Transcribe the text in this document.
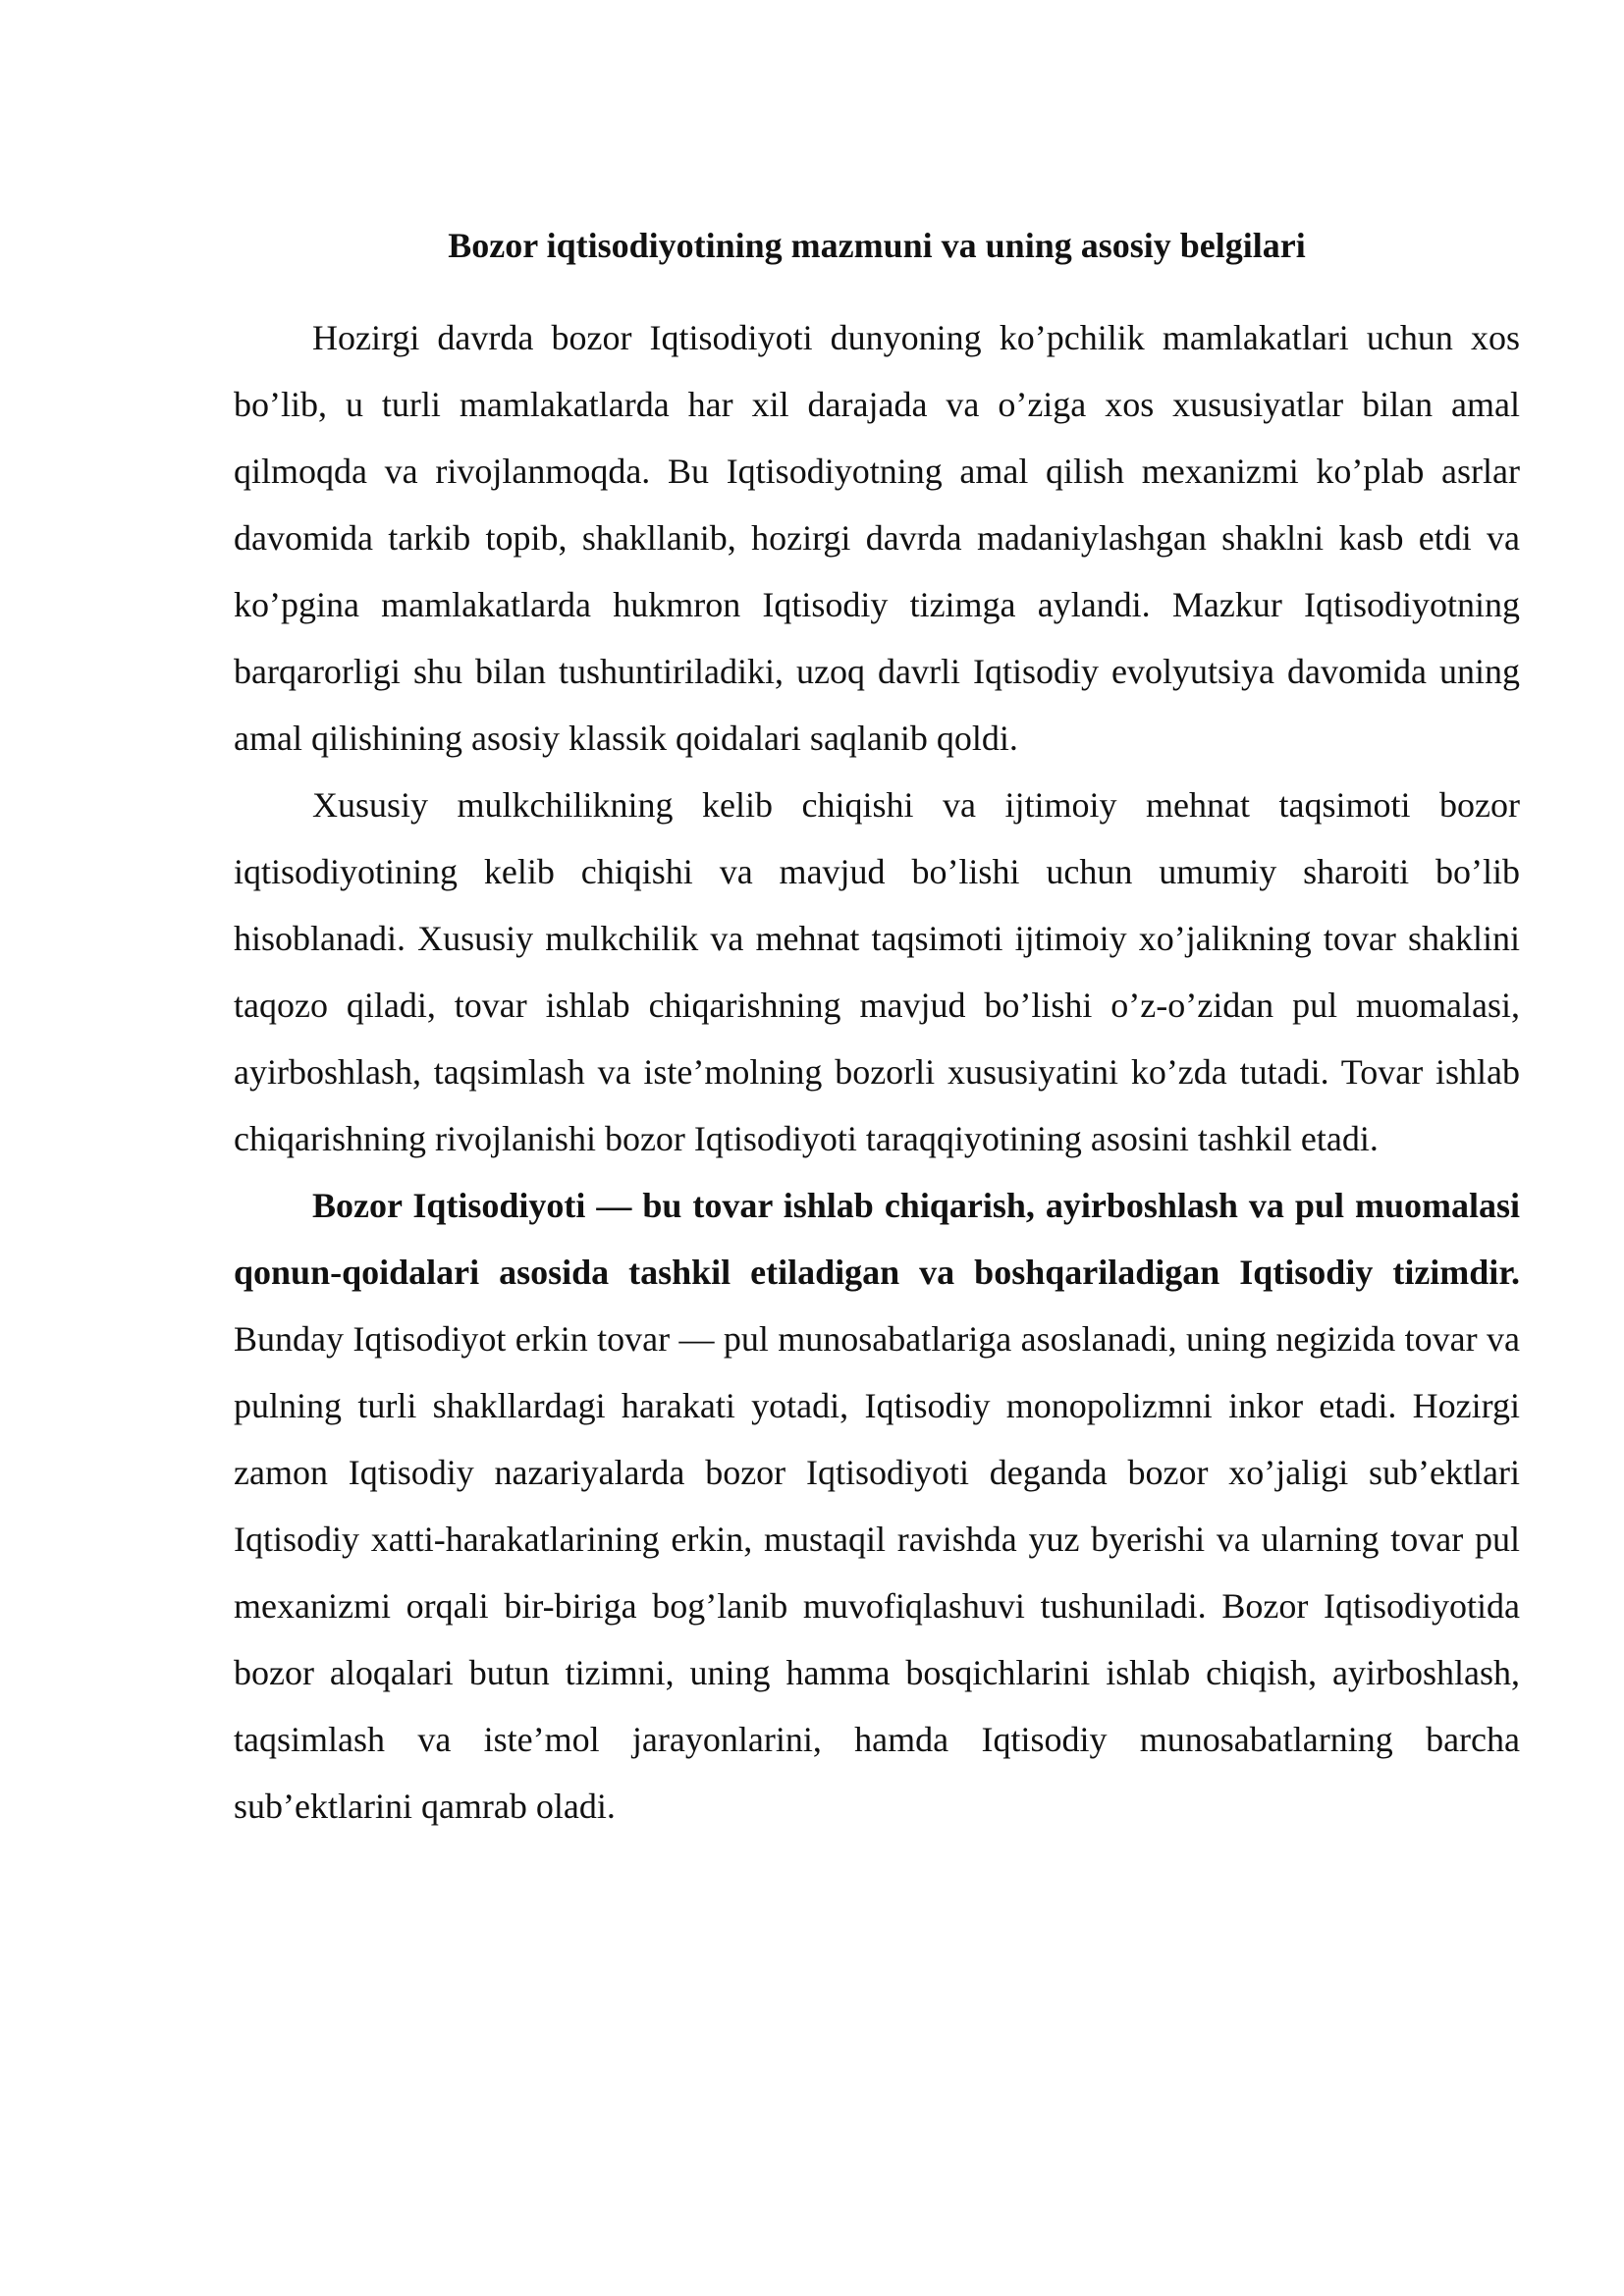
Bozor iqtisodiyotining mazmuni va uning asosiy belgilari

Hozirgi davrda bozor Iqtisodiyoti dunyoning ko’pchilik mamlakatlari uchun xos bo’lib, u turli mamlakatlarda har xil darajada va o’ziga xos xususiyatlar bilan amal qilmoqda va rivojlanmoqda. Bu Iqtisodiyotning amal qilish mexanizmi ko’plab asrlar davomida tarkib topib, shakllanib, hozirgi davrda madaniylashgan shaklni kasb etdi va ko’pgina mamlakatlarda hukmron Iqtisodiy tizimga aylandi. Mazkur Iqtisodiyotning barqarorligi shu bilan tushuntiriladiki, uzoq davrli Iqtisodiy evolyutsiya davomida uning amal qilishining asosiy klassik qoidalari saqlanib qoldi.

Xususiy mulkchilikning kelib chiqishi va ijtimoiy mehnat taqsimoti bozor iqtisodiyotining kelib chiqishi va mavjud bo’lishi uchun umumiy sharoiti bo’lib hisoblanadi. Xususiy mulkchilik va mehnat taqsimoti ijtimoiy xo’jalikning tovar shaklini taqozo qiladi, tovar ishlab chiqarishning mavjud bo’lishi o’z-o’zidan pul muomalasi, ayirboshlash, taqsimlash va iste’molning bozorli xususiyatini ko’zda tutadi. Tovar ishlab chiqarishning rivojlanishi bozor Iqtisodiyoti taraqqiyotining asosini tashkil etadi.

Bozor Iqtisodiyoti — bu tovar ishlab chiqarish, ayirboshlash va pul muomalasi qonun-qoidalari asosida tashkil etiladigan va boshqariladigan Iqtisodiy tizimdir. Bunday Iqtisodiyot erkin tovar — pul munosabatlariga asoslanadi, uning negizida tovar va pulning turli shakllardagi harakati yotadi, Iqtisodiy monopolizmni inkor etadi. Hozirgi zamon Iqtisodiy nazariyalarda bozor Iqtisodiyoti deganda bozor xo’jaligi sub’ektlari Iqtisodiy xatti-harakatlarining erkin, mustaqil ravishda yuz byerishi va ularning tovar pul mexanizmi orqali bir-biriga bog’lanib muvofiqlashuvi tushuniladi. Bozor Iqtisodiyotida bozor aloqalari butun tizimni, uning hamma bosqichlarini ishlab chiqish, ayirboshlash, taqsimlash va iste’mol jarayonlarini, hamda Iqtisodiy munosabatlarning barcha sub’ektlarini qamrab oladi.
